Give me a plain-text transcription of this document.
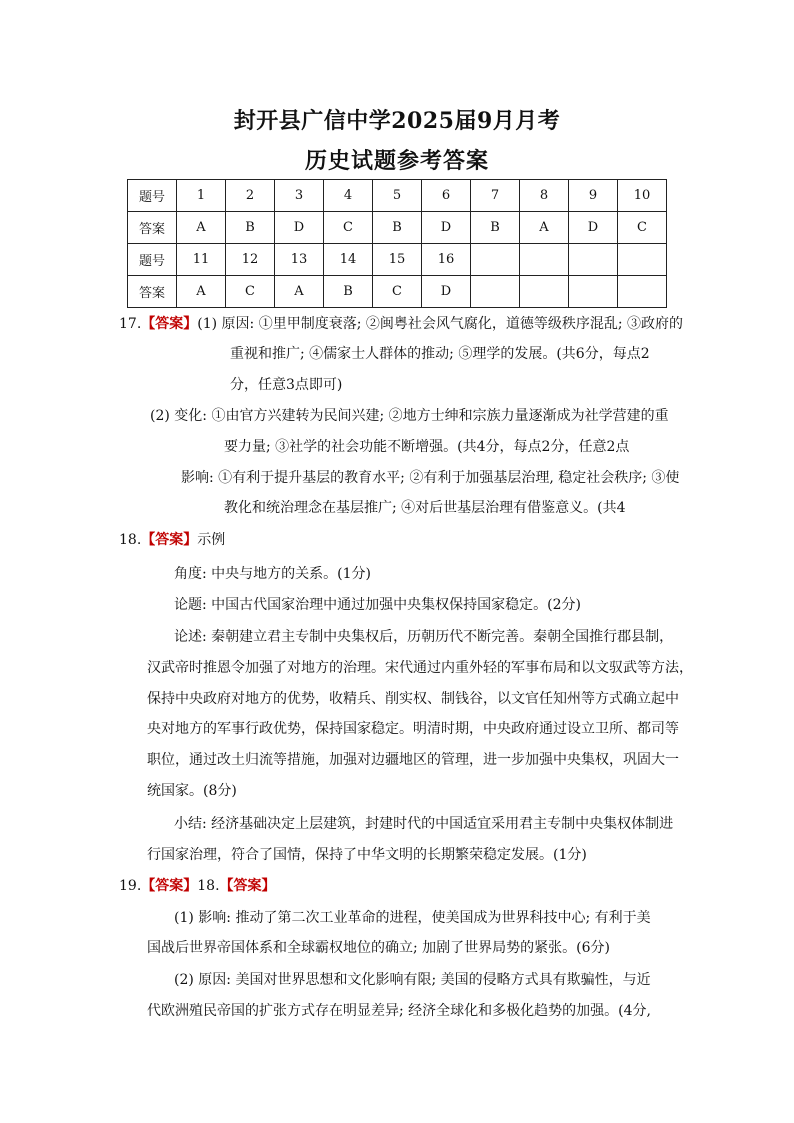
封开县广信中学2025届9月月考
历史试题参考答案
题号	1	2	3	4	5	6	7	8	9	10
答案	A	B	D	C	B	D	B	A	D	C
题号	11	12	13	14	15	16				
答案	A	C	A	B	C	D				
17.【答案】(1) 原因: ①里甲制度衰落; ②闽粤社会风气腐化，道德等级秩序混乱; ③政府的
重视和推广; ④儒家士人群体的推动; ⑤理学的发展。(共6分，每点2
分，任意3点即可)
(2) 变化: ①由官方兴建转为民间兴建; ②地方士绅和宗族力量逐渐成为社学营建的重
要力量; ③社学的社会功能不断增强。(共4分，每点2分，任意2点
影响: ①有利于提升基层的教育水平; ②有利于加强基层治理, 稳定社会秩序; ③使
教化和统治理念在基层推广; ④对后世基层治理有借鉴意义。(共4
18.【答案】示例
角度: 中央与地方的关系。(1分)
论题: 中国古代国家治理中通过加强中央集权保持国家稳定。(2分)
论述: 秦朝建立君主专制中央集权后，历朝历代不断完善。秦朝全国推行郡县制，
汉武帝时推恩令加强了对地方的治理。宋代通过内重外轻的军事布局和以文驭武等方法，
保持中央政府对地方的优势，收精兵、削实权、制钱谷，以文官任知州等方式确立起中
央对地方的军事行政优势，保持国家稳定。明清时期，中央政府通过设立卫所、都司等
职位，通过改土归流等措施，加强对边疆地区的管理，进一步加强中央集权，巩固大一
统国家。(8分)
小结: 经济基础决定上层建筑，封建时代的中国适宜采用君主专制中央集权体制进
行国家治理，符合了国情，保持了中华文明的长期繁荣稳定发展。(1分)
19.【答案】18.【答案】
(1) 影响: 推动了第二次工业革命的进程，使美国成为世界科技中心; 有利于美
国战后世界帝国体系和全球霸权地位的确立; 加剧了世界局势的紧张。(6分)
(2) 原因: 美国对世界思想和文化影响有限; 美国的侵略方式具有欺骗性，与近
代欧洲殖民帝国的扩张方式存在明显差异; 经济全球化和多极化趋势的加强。(4分,
